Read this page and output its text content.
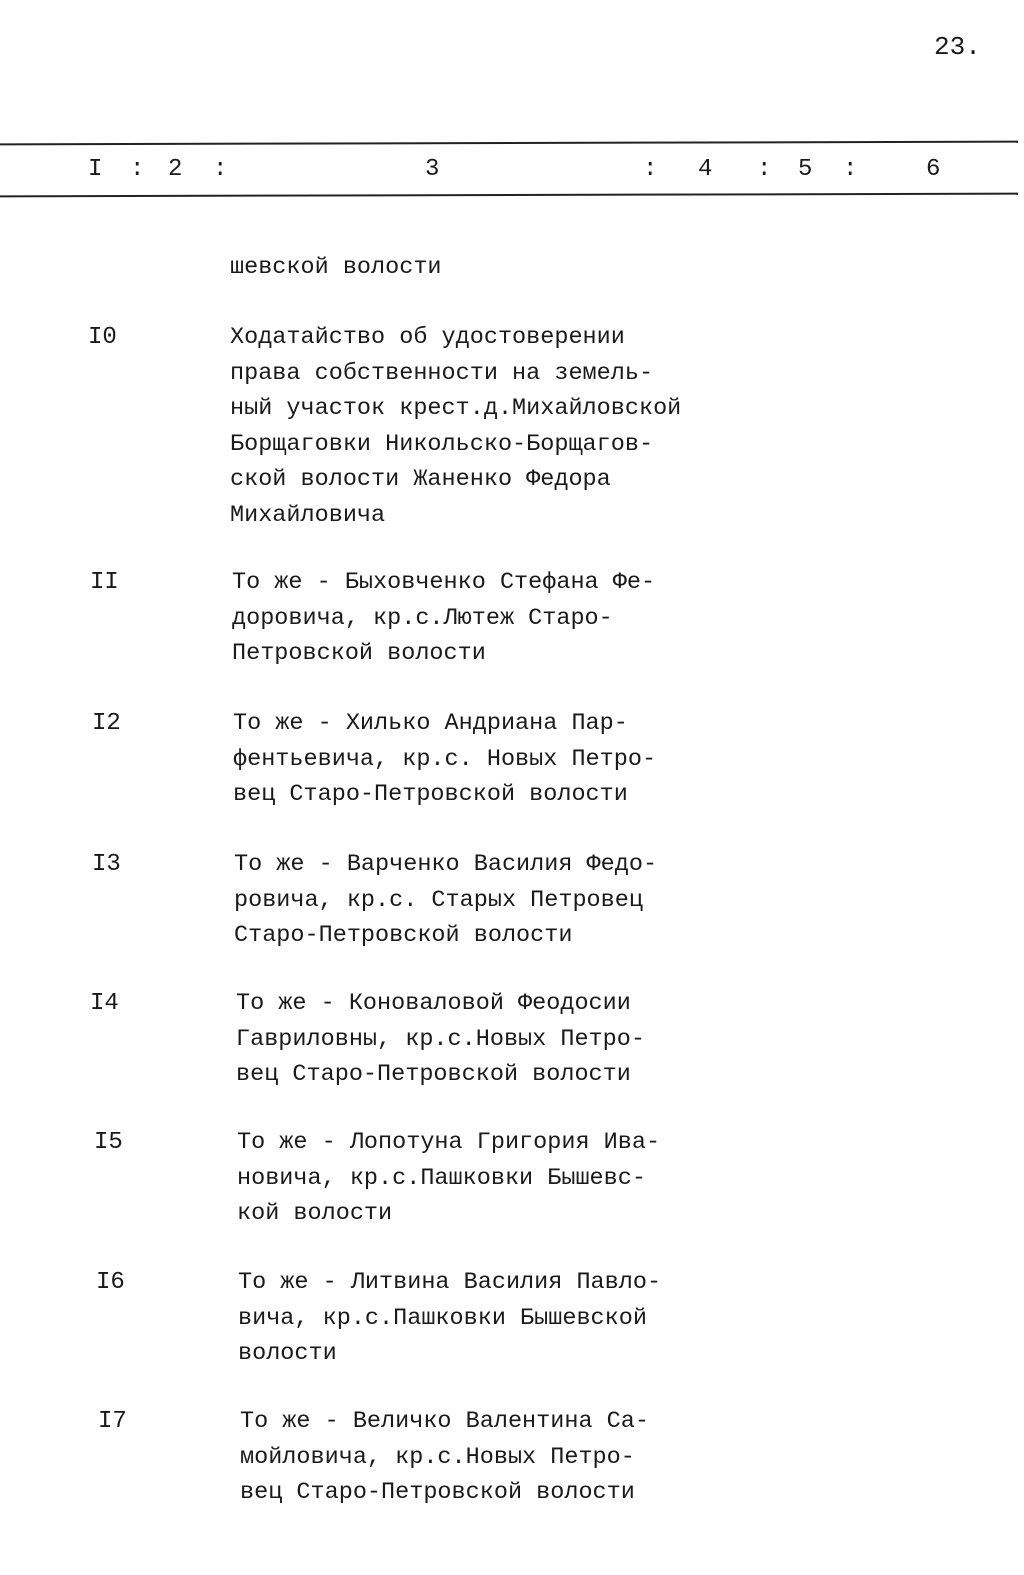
23.
I : 2 :	3	: 4 : 5 :	6
шевской волости
I0	Ходатайство об удостоверении
права собственности на земель-
ный участок крест.д.Михайловской
Борщаговки Никольско-Борщагов-
ской волости Жаненко Федора
Михайловича
II	То же - Быховченко Стефана Фе-
доровича, кр.с.Лютеж Старо-
Петровской волости
I2	То же - Хилько Андриана Пар-
фентьевича, кр.с. Новых Петро-
вец Старо-Петровской волости
I3	То же - Варченко Василия Федо-
ровича, кр.с. Старых Петровец
Старо-Петровской волости
I4	То же - Коноваловой Феодосии
Гавриловны, кр.с.Новых Петро-
вец Старо-Петровской волости
I5	То же - Лопотуна Григория Ива-
новича, кр.с.Пашковки Бышевс-
кой волости
I6	То же - Литвина Василия Павло-
вича, кр.с.Пашковки Бышевской
волости
I7	То же - Величко Валентина Са-
мойловича, кр.с.Новых Петро-
вец Старо-Петровской волости
